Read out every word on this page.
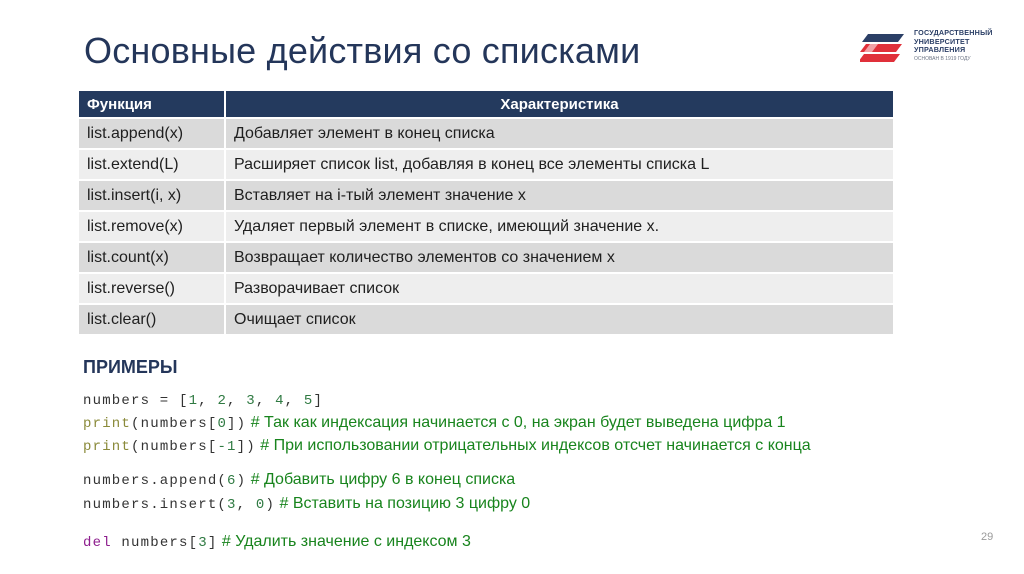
Основные действия со списками	ГОСУДАРСТВЕННЫЙ
УНИВЕРСИТЕТ
УПРАВЛЕНИЯ
ОСНОВАН В 1919 ГОДУ
Функция	Характеристика
list.append(x)	Добавляет элемент в конец списка
list.extend(L)	Расширяет список list, добавляя в конец все элементы списка L
list.insert(i, x)	Вставляет на i-тый элемент значение x
list.remove(x)	Удаляет первый элемент в списке, имеющий значение x.
list.count(x)	Возвращает количество элементов со значением x
list.reverse()	Разворачивает список
list.clear()	Очищает список
ПРИМЕРЫ
numbers = [1, 2, 3, 4, 5]
print(numbers[0]) # Так как индексация начинается с 0, на экран будет выведена цифра 1
print(numbers[-1]) # При использовании отрицательных индексов отсчет начинается с конца
numbers.append(6) # Добавить цифру 6 в конец списка
numbers.insert(3, 0) # Вставить на позицию 3 цифру 0
del numbers[3] # Удалить значение с индексом 3	29
